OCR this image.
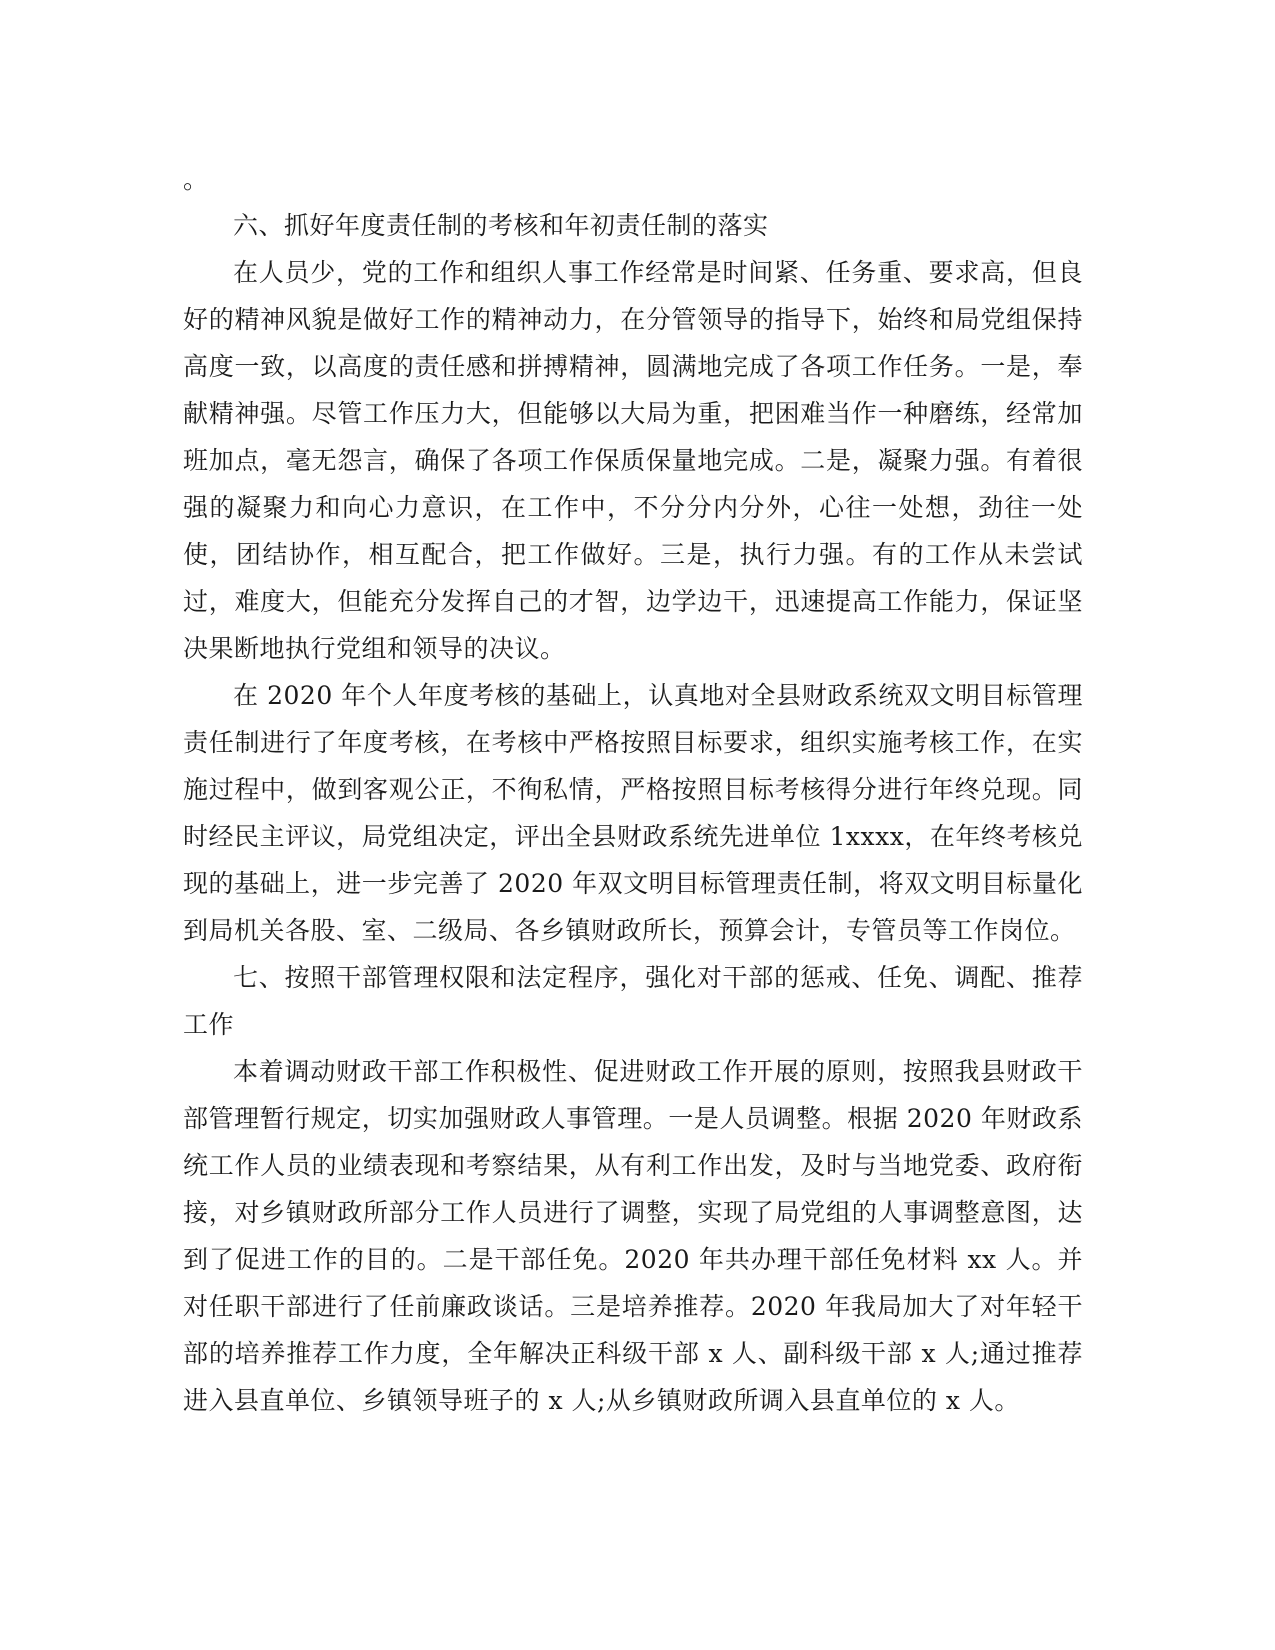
。

六、抓好年度责任制的考核和年初责任制的落实

在人员少，党的工作和组织人事工作经常是时间紧、任务重、要求高，但良好的精神风貌是做好工作的精神动力，在分管领导的指导下，始终和局党组保持高度一致，以高度的责任感和拼搏精神，圆满地完成了各项工作任务。一是，奉献精神强。尽管工作压力大，但能够以大局为重，把困难当作一种磨练，经常加班加点，毫无怨言，确保了各项工作保质保量地完成。二是，凝聚力强。有着很强的凝聚力和向心力意识，在工作中，不分分内分外，心往一处想，劲往一处使，团结协作，相互配合，把工作做好。三是，执行力强。有的工作从未尝试过，难度大，但能充分发挥自己的才智，边学边干，迅速提高工作能力，保证坚决果断地执行党组和领导的决议。

在 2020 年个人年度考核的基础上，认真地对全县财政系统双文明目标管理责任制进行了年度考核，在考核中严格按照目标要求，组织实施考核工作，在实施过程中，做到客观公正，不徇私情，严格按照目标考核得分进行年终兑现。同时经民主评议，局党组决定，评出全县财政系统先进单位 1xxxx，在年终考核兑现的基础上，进一步完善了 2020 年双文明目标管理责任制，将双文明目标量化到局机关各股、室、二级局、各乡镇财政所长，预算会计，专管员等工作岗位。

七、按照干部管理权限和法定程序，强化对干部的惩戒、任免、调配、推荐工作

本着调动财政干部工作积极性、促进财政工作开展的原则，按照我县财政干部管理暂行规定，切实加强财政人事管理。一是人员调整。根据 2020 年财政系统工作人员的业绩表现和考察结果，从有利工作出发，及时与当地党委、政府衔接，对乡镇财政所部分工作人员进行了调整，实现了局党组的人事调整意图，达到了促进工作的目的。二是干部任免。2020 年共办理干部任免材料 xx 人。并对任职干部进行了任前廉政谈话。三是培养推荐。2020 年我局加大了对年轻干部的培养推荐工作力度，全年解决正科级干部 x 人、副科级干部 x 人;通过推荐进入县直单位、乡镇领导班子的 x 人;从乡镇财政所调入县直单位的 x 人。
